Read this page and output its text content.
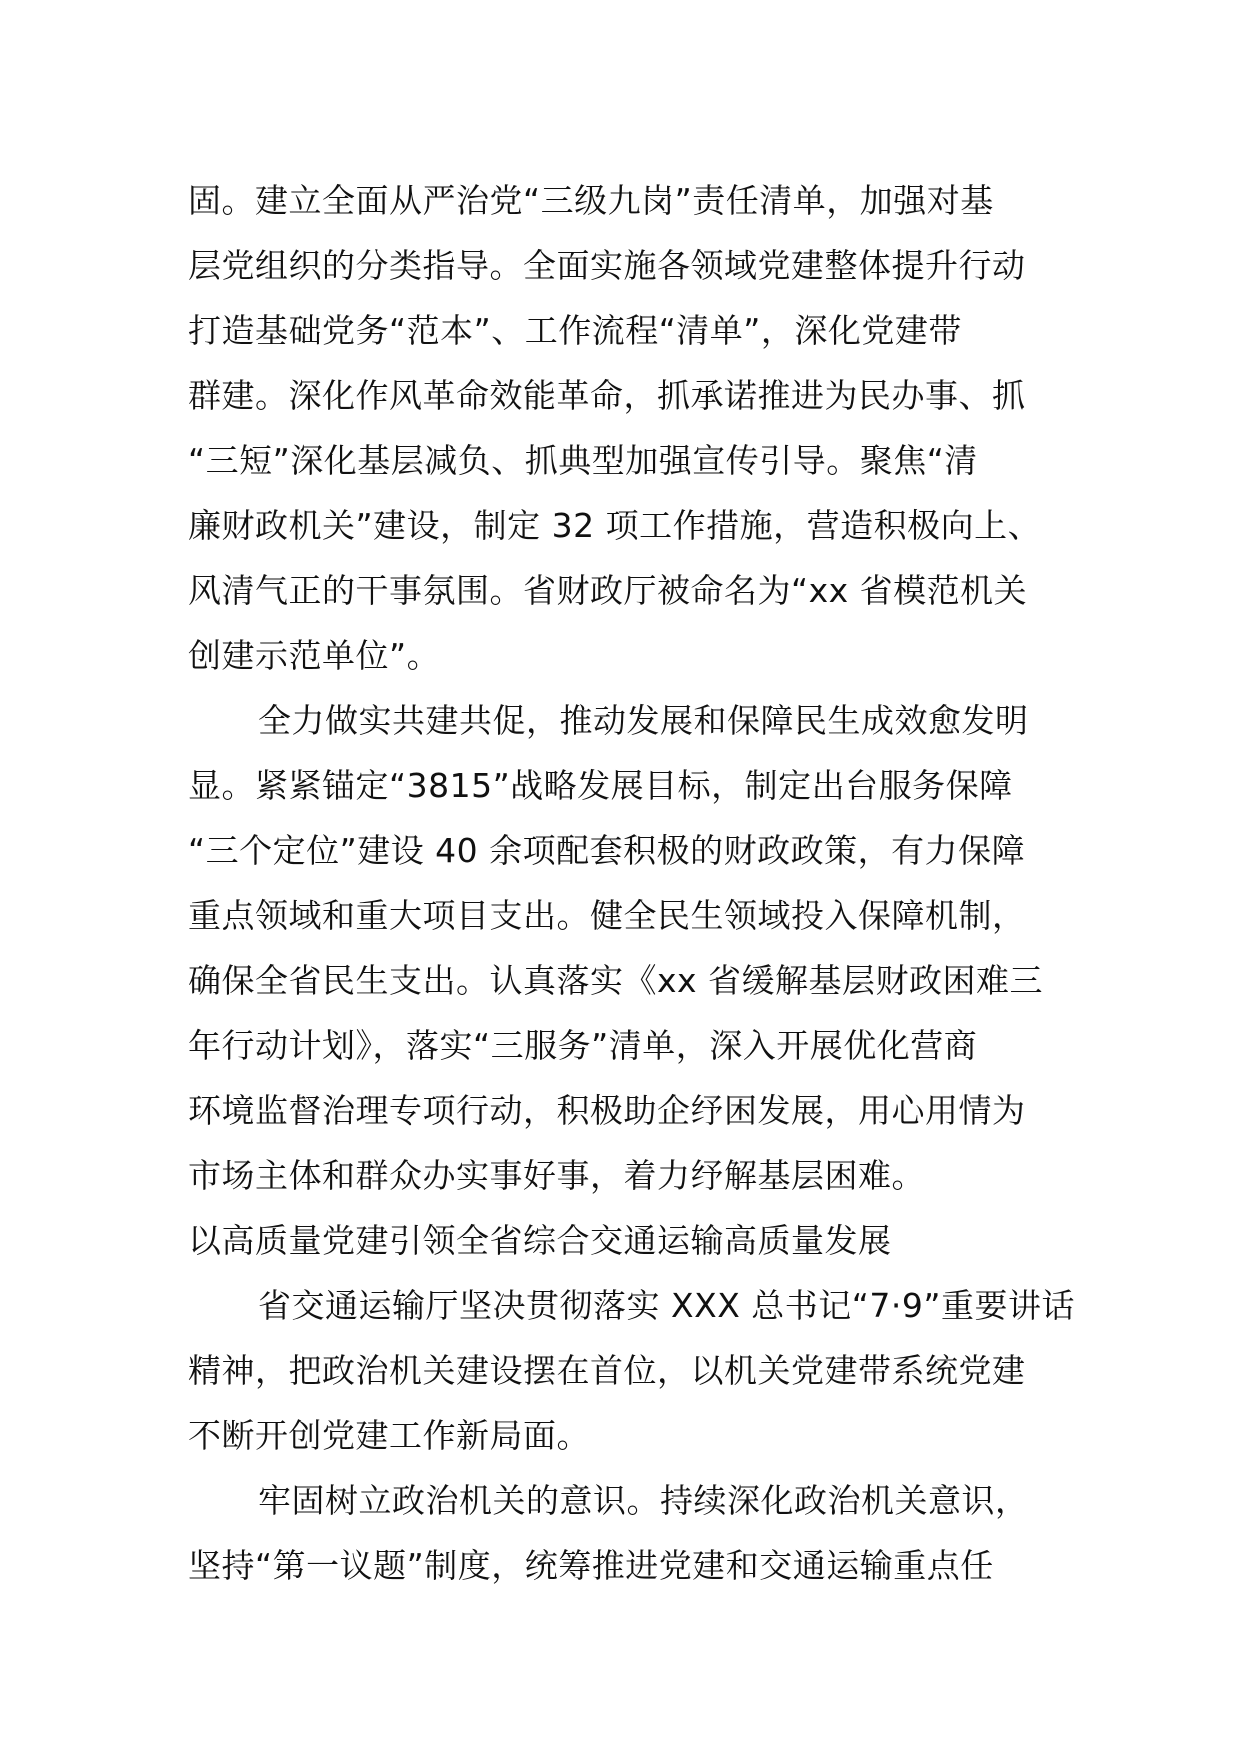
固。建立全面从严治党“三级九岗”责任清单，加强对基
层党组织的分类指导。全面实施各领域党建整体提升行动
打造基础党务“范本”、工作流程“清单”，深化党建带
群建。深化作风革命效能革命，抓承诺推进为民办事、抓
“三短”深化基层减负、抓典型加强宣传引导。聚焦“清
廉财政机关”建设，制定 32 项工作措施，营造积极向上、
风清气正的干事氛围。省财政厅被命名为“xx 省模范机关
创建示范单位”。
全力做实共建共促，推动发展和保障民生成效愈发明
显。紧紧锚定“3815”战略发展目标，制定出台服务保障
“三个定位”建设 40 余项配套积极的财政政策，有力保障
重点领域和重大项目支出。健全民生领域投入保障机制，
确保全省民生支出。认真落实《xx 省缓解基层财政困难三
年行动计划》，落实“三服务”清单，深入开展优化营商
环境监督治理专项行动，积极助企纾困发展，用心用情为
市场主体和群众办实事好事，着力纾解基层困难。
以高质量党建引领全省综合交通运输高质量发展
省交通运输厅坚决贯彻落实 XXX 总书记“7·9”重要讲话
精神，把政治机关建设摆在首位，以机关党建带系统党建
不断开创党建工作新局面。
牢固树立政治机关的意识。持续深化政治机关意识，
坚持“第一议题”制度，统筹推进党建和交通运输重点任
